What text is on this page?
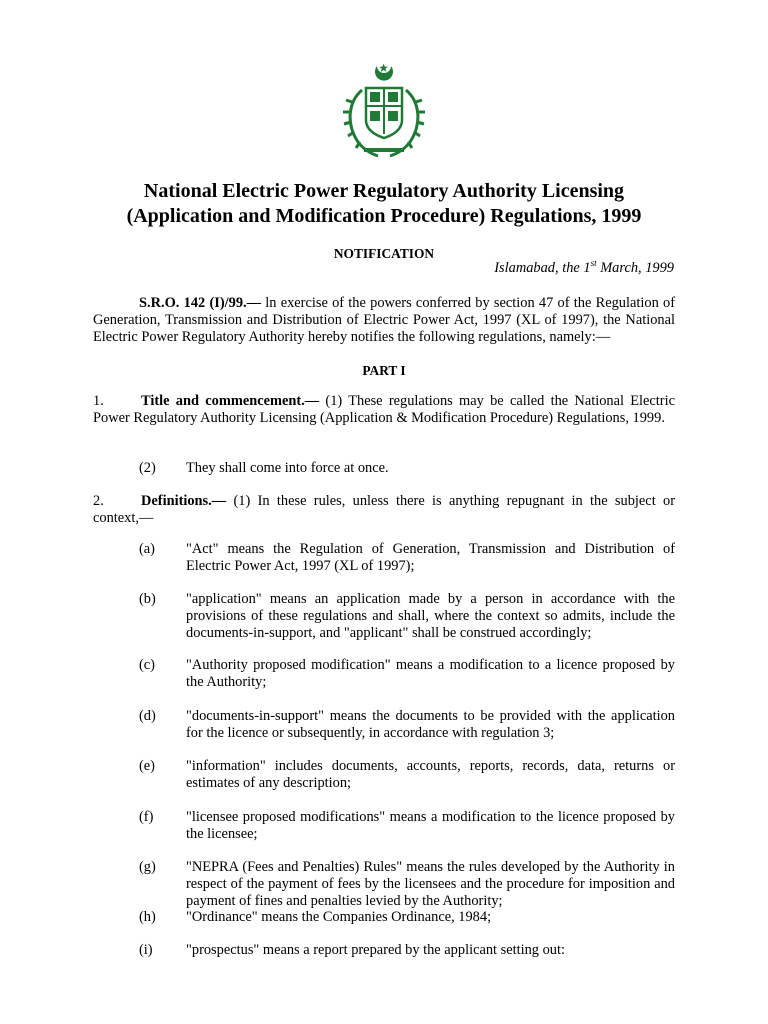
National Electric Power Regulatory Authority Licensing
(Application and Modification Procedure) Regulations, 1999
NOTIFICATION
Islamabad, the 1st March, 1999
S.R.O. 142 (I)/99.— ln exercise of the powers conferred by section 47 of the Regulation of Generation, Transmission and Distribution of Electric Power Act, 1997 (XL of 1997), the National Electric Power Regulatory Authority hereby notifies the following regulations, namely:—
PART I
1.	Title and commencement.— (1) These regulations may be called the National Electric Power Regulatory Authority Licensing (Application & Modification Procedure) Regulations, 1999.
(2) They shall come into force at once.
2.	Definitions.— (1) In these rules, unless there is anything repugnant in the subject or context,—
(a) "Act" means the Regulation of Generation, Transmission and Distribution of Electric Power Act, 1997 (XL of 1997);
(b) "application" means an application made by a person in accordance with the provisions of these regulations and shall, where the context so admits, include the documents-in-support, and "applicant" shall be construed accordingly;
(c) "Authority proposed modification" means a modification to a licence proposed by the Authority;
(d) "documents-in-support" means the documents to be provided with the application for the licence or subsequently, in accordance with regulation 3;
(e) "information" includes documents, accounts, reports, records, data, returns or estimates of any description;
(f) "licensee proposed modifications" means a modification to the licence proposed by the licensee;
(g) "NEPRA (Fees and Penalties) Rules" means the rules developed by the Authority in respect of the payment of fees by the licensees and the procedure for imposition and payment of fines and penalties levied by the Authority;
(h) "Ordinance" means the Companies Ordinance, 1984;
(i) "prospectus" means a report prepared by the applicant setting out:
